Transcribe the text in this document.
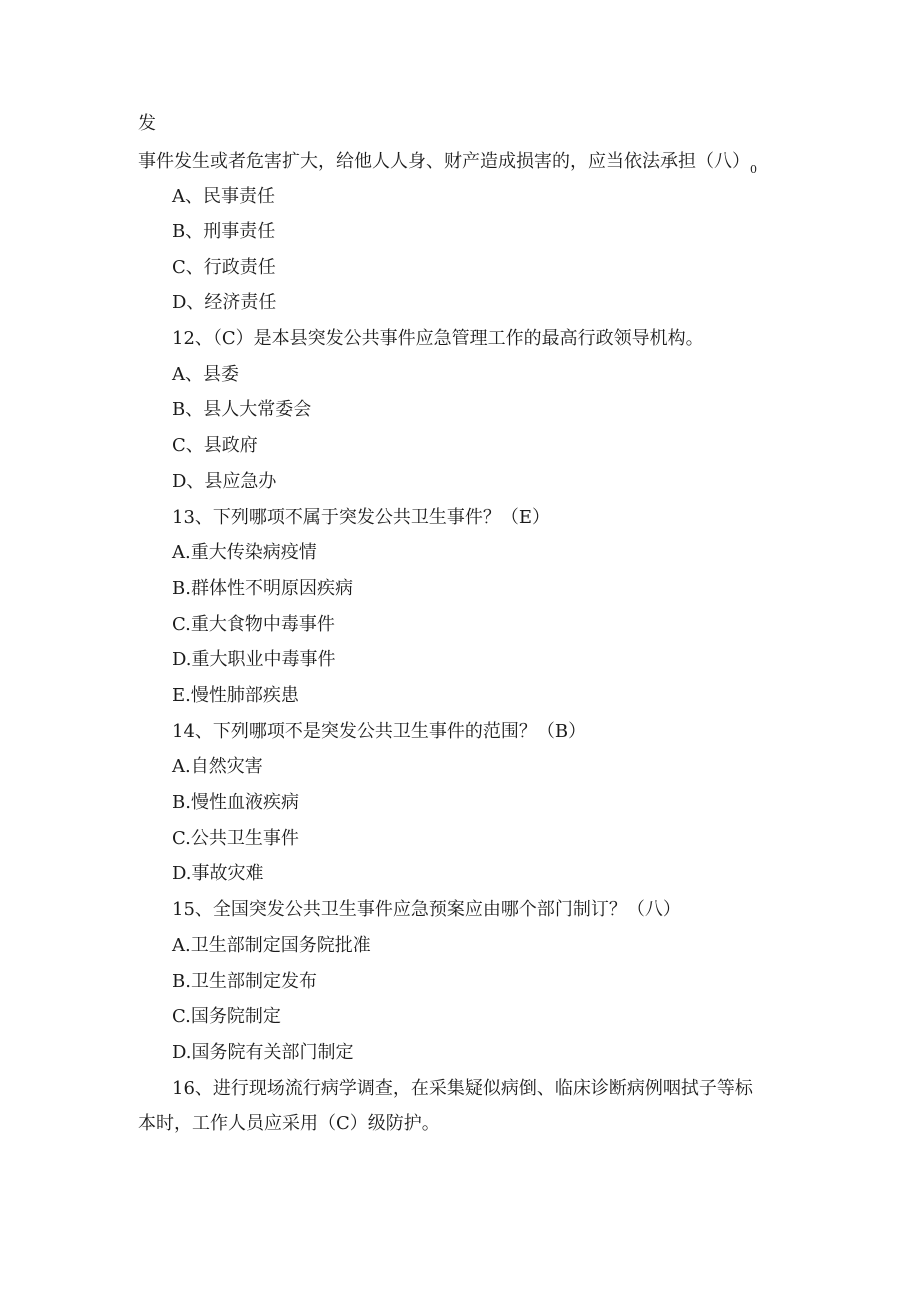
发
事件发生或者危害扩大，给他人人身、财产造成损害的，应当依法承担（八）$_0$
A、民事责任
B、刑事责任
C、行政责任
D、经济责任
12、（C）是本县突发公共事件应急管理工作的最高行政领导机构。
A、县委
B、县人大常委会
C、县政府
D、县应急办
13、下列哪项不属于突发公共卫生事件？（E）
A.重大传染病疫情
B.群体性不明原因疾病
C.重大食物中毒事件
D.重大职业中毒事件
E.慢性肺部疾患
14、下列哪项不是突发公共卫生事件的范围？（B）
A.自然灾害
B.慢性血液疾病
C.公共卫生事件
D.事故灾难
15、全国突发公共卫生事件应急预案应由哪个部门制订？（八）
A.卫生部制定国务院批准
B.卫生部制定发布
C.国务院制定
D.国务院有关部门制定
16、进行现场流行病学调查，在采集疑似病倒、临床诊断病例咽拭子等标
本时，工作人员应采用（C）级防护。
